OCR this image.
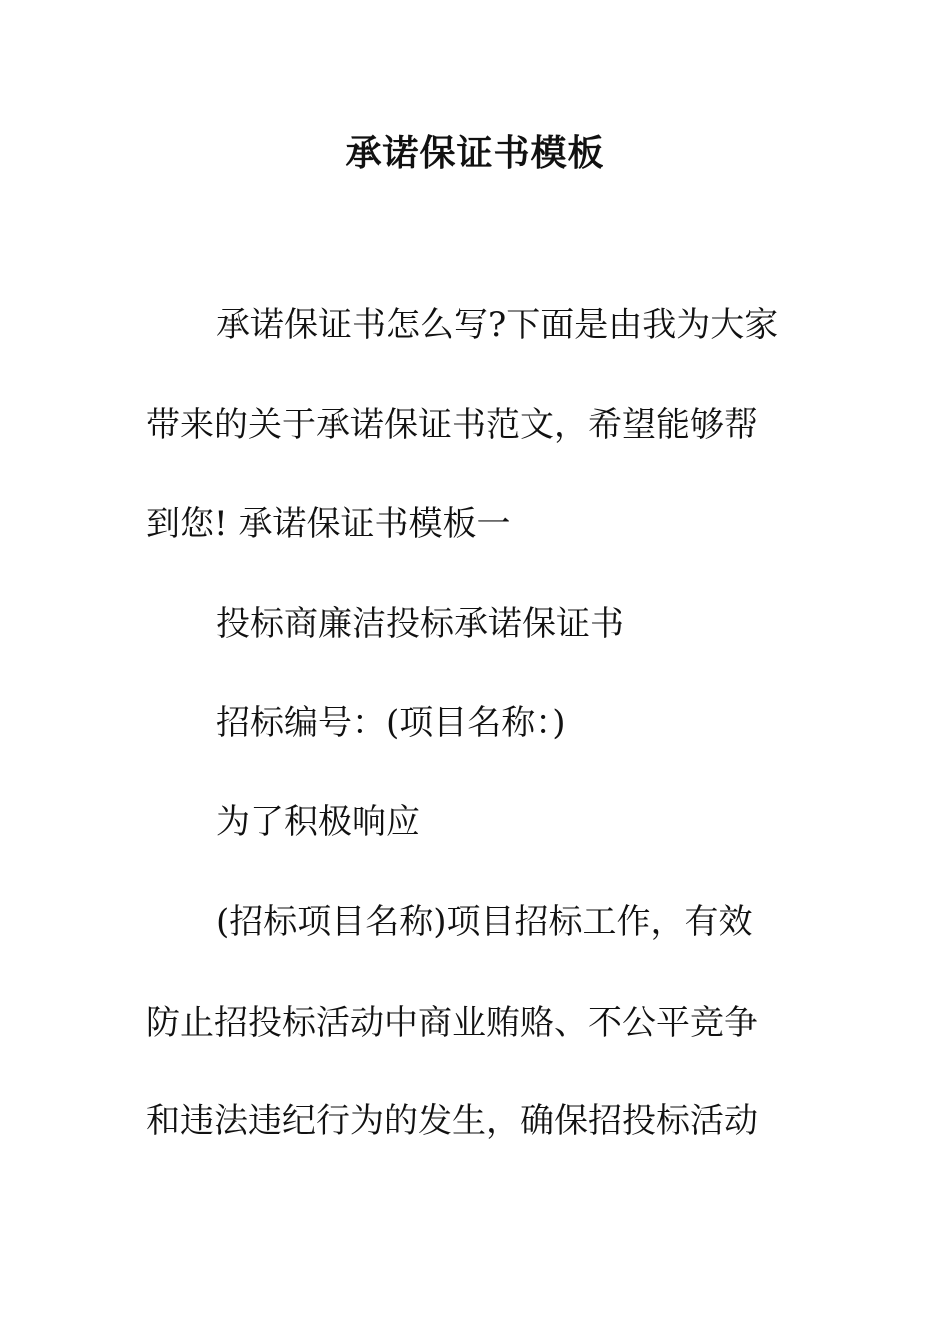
承诺保证书模板
承诺保证书怎么写?下面是由我为大家
带来的关于承诺保证书范文，希望能够帮
到您! 承诺保证书模板一
投标商廉洁投标承诺保证书
招标编号：(项目名称：)
为了积极响应
(招标项目名称)项目招标工作，有效
防止招投标活动中商业贿赂、不公平竞争
和违法违纪行为的发生，确保招投标活动
